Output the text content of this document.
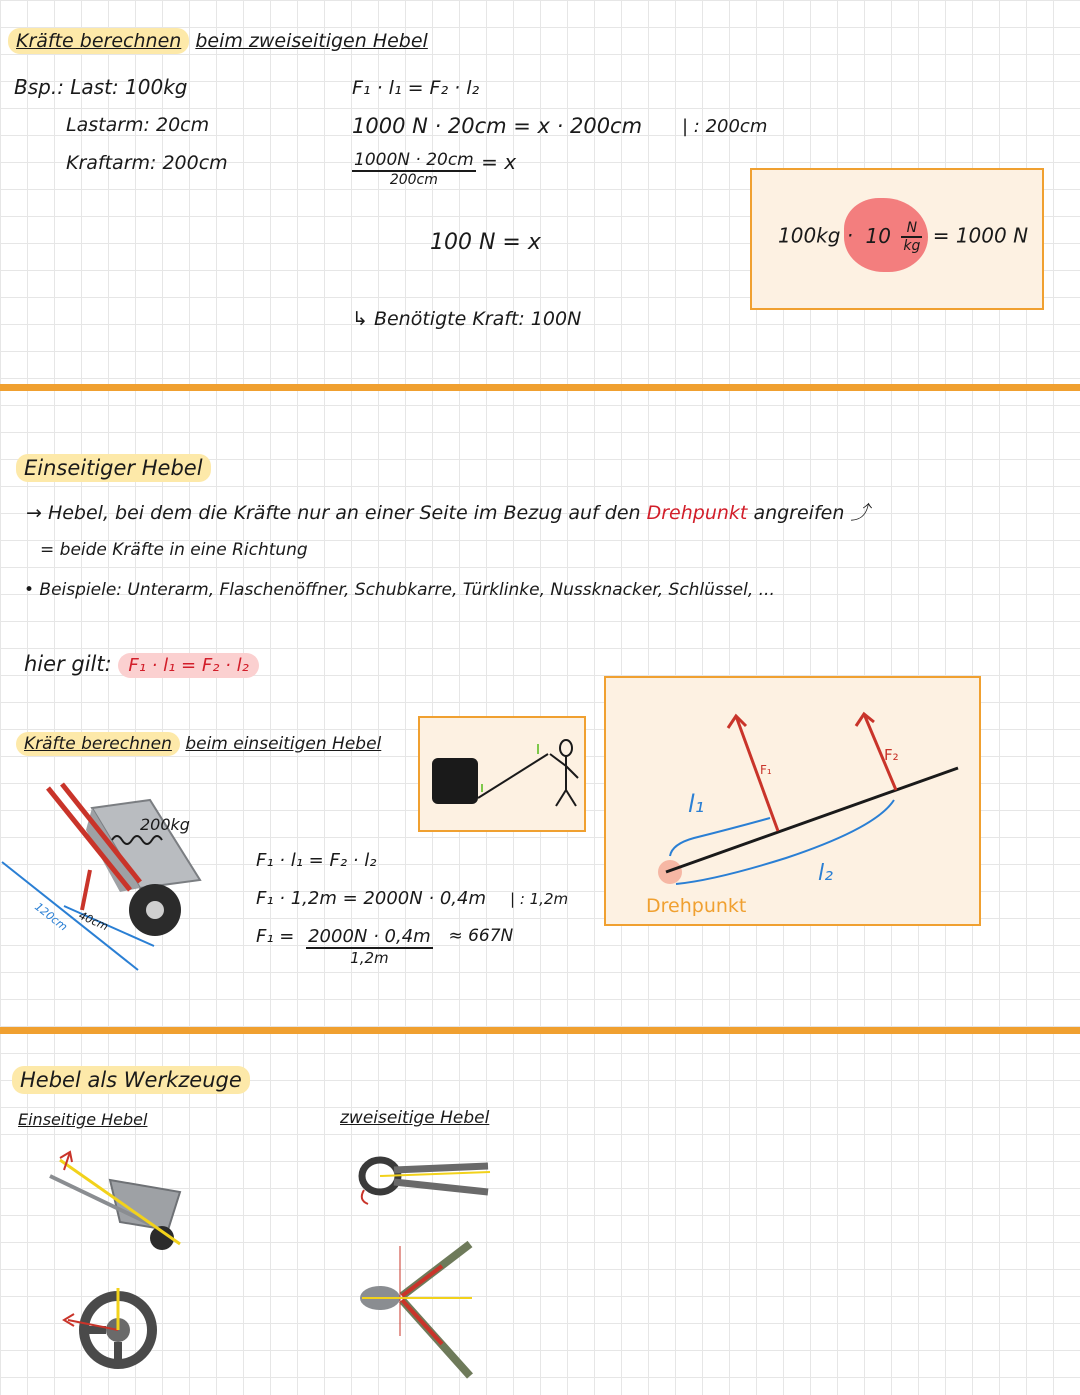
Kräfte berechnen beim zweiseitigen Hebel
Bsp.: Last: 100kg
Lastarm: 20cm
Kraftarm: 200cm
F₁ · l₁ = F₂ · l₂
1000 N · 20cm = x · 200cm | : 200cm
$\frac{1000N \cdot 20cm}{200cm} = x$
100 N = x
↳ Benötigte Kraft: 100N
$100kg \cdot 10 \frac{N}{kg} = 1000$ N
Einseitiger Hebel
→ Hebel, bei dem die Kräfte nur an einer Seite im Bezug auf den Drehpunkt angreifen ⤴
= beide Kräfte in eine Richtung
• Beispiele: Unterarm, Flaschenöffner, Schubkarre, Türklinke, Nussknacker, Schlüssel, ...
hier gilt: F₁ · l₁ = F₂ · l₂
Kräfte berechnen beim einseitigen Hebel
200kg
120cm 40cm
F₁ · l₁ = F₂ · l₂
F₁ · 1,2m = 2000N · 0,4m | : 1,2m
$F_1 = \frac{2000N \cdot 0,4m}{1,2m} \approx 667N$
F₁
F₂
l₁
l₂
Drehpunkt
Hebel als Werkzeuge
Einseitige Hebel	zweiseitige Hebel
